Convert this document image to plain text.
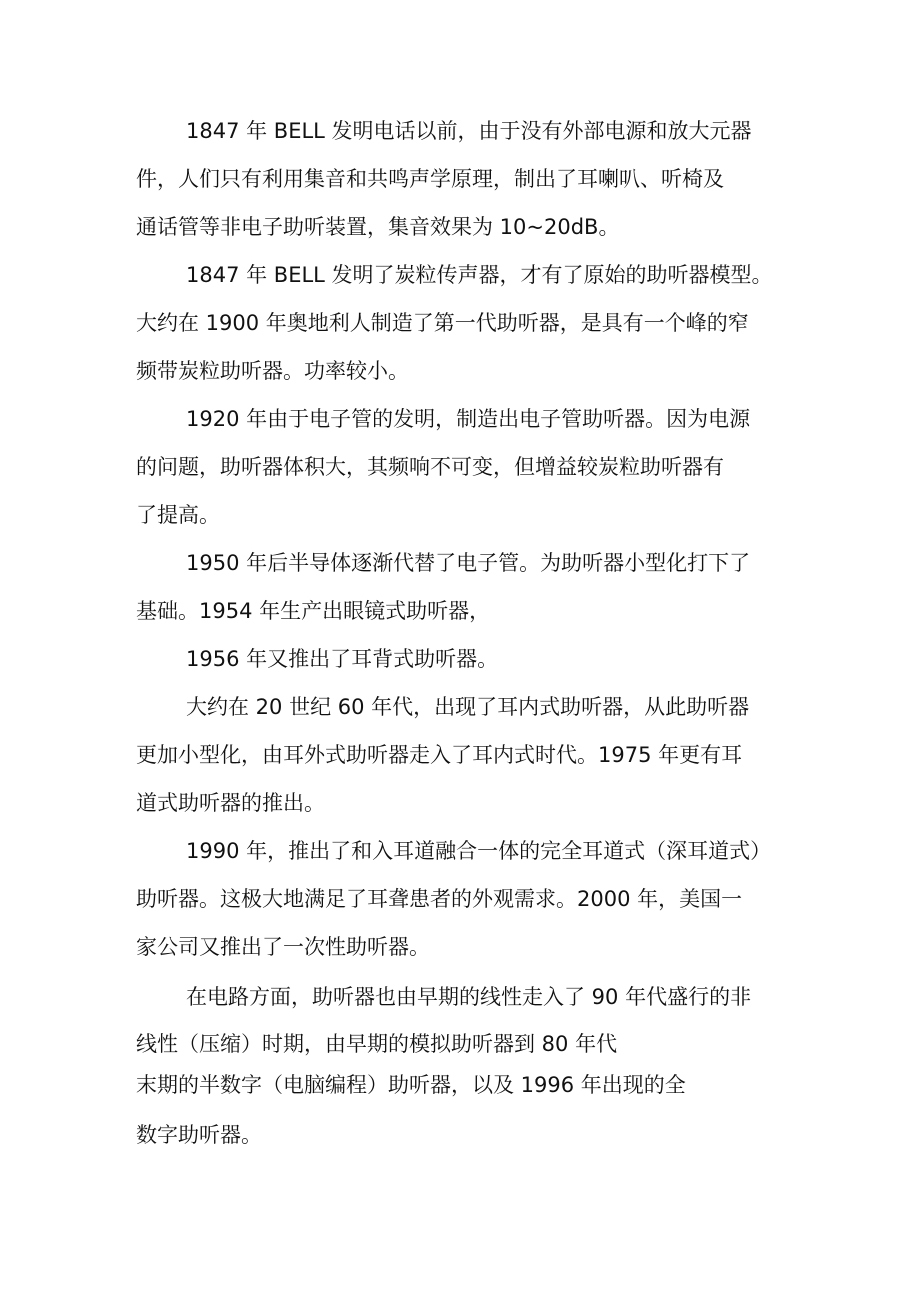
1847 年 BELL 发明电话以前，由于没有外部电源和放大元器
件，人们只有利用集音和共鸣声学原理，制出了耳喇叭、听椅及
通话管等非电子助听装置，集音效果为 10~20dB。
1847 年 BELL 发明了炭粒传声器，才有了原始的助听器模型。
大约在 1900 年奥地利人制造了第一代助听器，是具有一个峰的窄
频带炭粒助听器。功率较小。
1920 年由于电子管的发明，制造出电子管助听器。因为电源
的问题，助听器体积大，其频响不可变，但增益较炭粒助听器有
了提高。
1950 年后半导体逐渐代替了电子管。为助听器小型化打下了
基础。1954 年生产出眼镜式助听器，
1956 年又推出了耳背式助听器。
大约在 20 世纪 60 年代，出现了耳内式助听器，从此助听器
更加小型化，由耳外式助听器走入了耳内式时代。1975 年更有耳
道式助听器的推出。
1990 年，推出了和入耳道融合一体的完全耳道式（深耳道式）
助听器。这极大地满足了耳聋患者的外观需求。2000 年，美国一
家公司又推出了一次性助听器。
在电路方面，助听器也由早期的线性走入了 90 年代盛行的非
线性（压缩）时期，由早期的模拟助听器到 80 年代
末期的半数字（电脑编程）助听器，以及 1996 年出现的全
数字助听器。
